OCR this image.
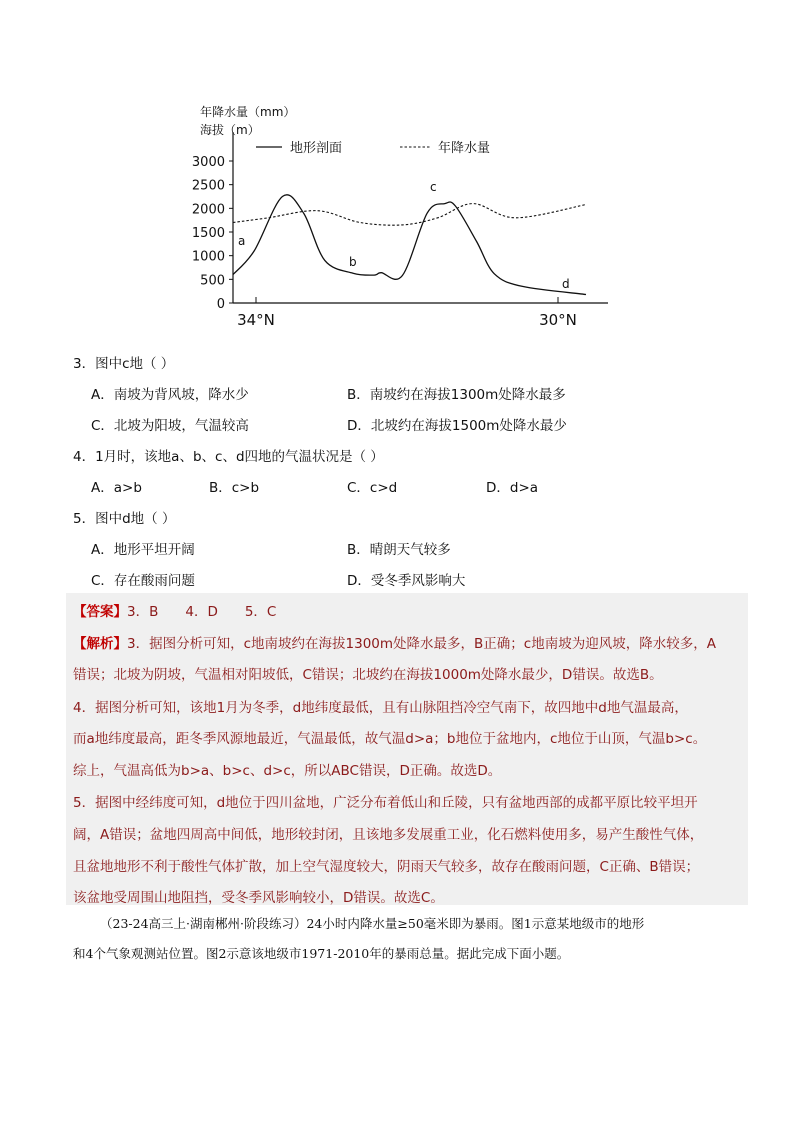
年降水量（mm）
海拔（m）
3000
2500
2000
1500
1000
500
0
34°N	30°N
地形剖面	年降水量
a
b
c
d
3．图中c地（ ）
A．南坡为背风坡，降水少	B．南坡约在海拔1300m处降水最多
C．北坡为阳坡，气温较高	D．北坡约在海拔1500m处降水最少
4．1月时，该地a、b、c、d四地的气温状况是（ ）
A．a>b	B．c>b	C．c>d	D．d>a
5．图中d地（ ）
A．地形平坦开阔	B．晴朗天气较多
C．存在酸雨问题	D．受冬季风影响大
【答案】3．B　　4．D　　5．C
【解析】3．据图分析可知，c地南坡约在海拔1300m处降水最多，B正确；c地南坡为迎风坡，降水较多，A
错误；北坡为阴坡，气温相对阳坡低，C错误；北坡约在海拔1000m处降水最少，D错误。故选B。
4．据图分析可知，该地1月为冬季，d地纬度最低，且有山脉阻挡冷空气南下，故四地中d地气温最高，
而a地纬度最高，距冬季风源地最近，气温最低，故气温d>a；b地位于盆地内，c地位于山顶，气温b>c。
综上，气温高低为b>a、b>c、d>c，所以ABC错误，D正确。故选D。
5．据图中经纬度可知，d地位于四川盆地，广泛分布着低山和丘陵，只有盆地西部的成都平原比较平坦开
阔，A错误；盆地四周高中间低，地形较封闭，且该地多发展重工业，化石燃料使用多，易产生酸性气体，
且盆地地形不利于酸性气体扩散，加上空气湿度较大，阴雨天气较多，故存在酸雨问题，C正确、B错误；
该盆地受周围山地阻挡，受冬季风影响较小，D错误。故选C。
（23-24高三上·湖南郴州·阶段练习）24小时内降水量≥50毫米即为暴雨。图1示意某地级市的地形
和4个气象观测站位置。图2示意该地级市1971-2010年的暴雨总量。据此完成下面小题。
